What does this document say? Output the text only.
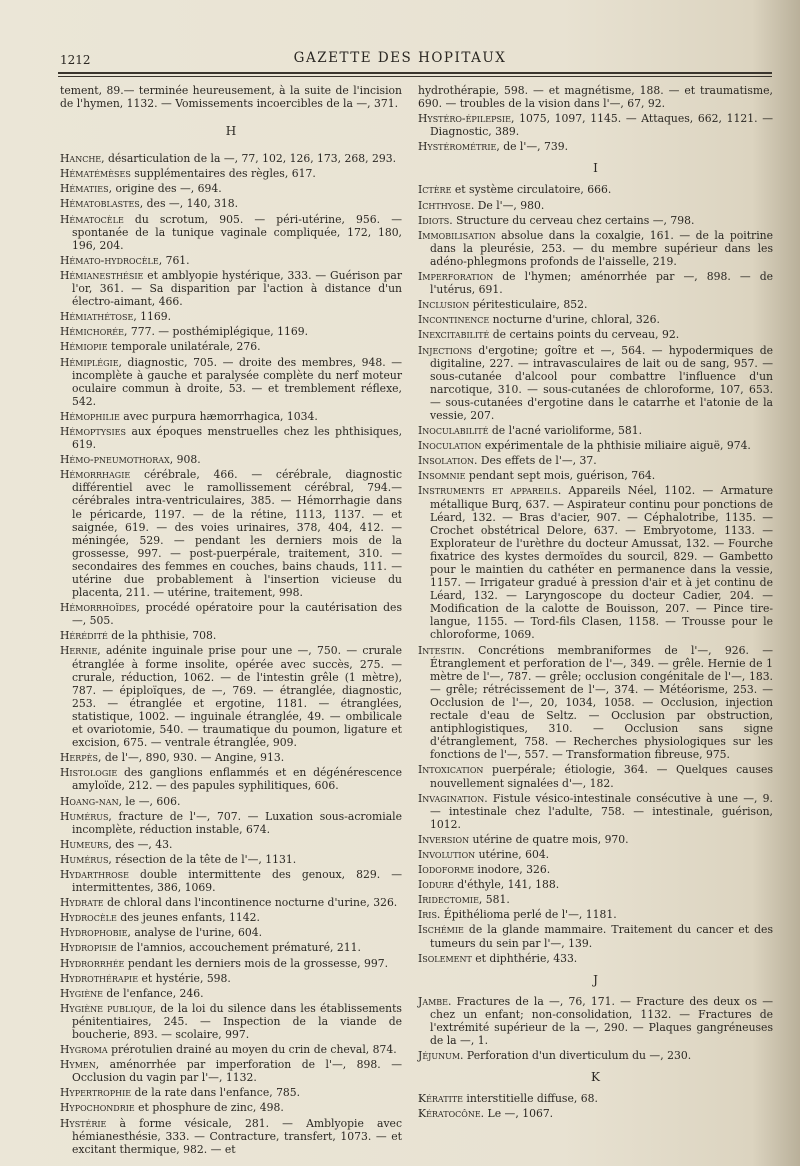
1212	GAZETTE DES HOPITAUX

tement, 89.— terminée heureusement, à la suite de l'incision de l'hymen, 1132. — Vomissements incoercibles de la —, 371.

H

Hanche, désarticulation de la —, 77, 102, 126, 173, 268, 293.

Hématémèses supplémentaires des règles, 617.

Hématies, origine des —, 694.

Hématoblastes, des —, 140, 318.

Hématocèle du scrotum, 905. — péri-utérine, 956. — spontanée de la tunique vaginale compliquée, 172, 180, 196, 204.

Hémato-hydrocèle, 761.

Hémianesthésie et amblyopie hystérique, 333. — Guérison par l'or, 361. — Sa disparition par l'action à distance d'un électro-aimant, 466.

Hémiathétose, 1169.

Hémichorée, 777. — posthémiplégique, 1169.

Hémiopie temporale unilatérale, 276.

Hémiplégie, diagnostic, 705. — droite des membres, 948. — incomplète à gauche et paralysée complète du nerf moteur oculaire commun à droite, 53. — et tremblement réflexe, 542.

Hémophilie avec purpura hæmorrhagica, 1034.

Hémoptysies aux époques menstruelles chez les phthisiques, 619.

Hémo-pneumothorax, 908.

Hémorrhagie cérébrale, 466. — cérébrale, diagnostic différentiel avec le ramollissement cérébral, 794.— cérébrales intra-ventriculaires, 385. — Hémorrhagie dans le péricarde, 1197. — de la rétine, 1113, 1137. — et saignée, 619. — des voies urinaires, 378, 404, 412. — méningée, 529. — pendant les derniers mois de la grossesse, 997. — post-puerpérale, traitement, 310. — secondaires des femmes en couches, bains chauds, 111. — utérine due probablement à l'insertion vicieuse du placenta, 211. — utérine, traitement, 998.

Hémorrhoïdes, procédé opératoire pour la cautérisation des —, 505.

Hérédité de la phthisie, 708.

Hernie, adénite inguinale prise pour une —, 750. — crurale étranglée à forme insolite, opérée avec succès, 275. — crurale, réduction, 1062. — de l'intestin grêle (1 mètre), 787. — épiploïques, de —, 769. — étranglée, diagnostic, 253. — étranglée et ergotine, 1181. — étranglées, statistique, 1002. — inguinale étranglée, 49. — ombilicale et ovariotomie, 540. — traumatique du poumon, ligature et excision, 675. — ventrale étranglée, 909.

Herpès, de l'—, 890, 930. — Angine, 913.

Histologie des ganglions enflammés et en dégénérescence amyloïde, 212. — des papules syphilitiques, 606.

Hoang-nan, le —, 606.

Humérus, fracture de l'—, 707. — Luxation sous-acromiale incomplète, réduction instable, 674.

Humeurs, des —, 43.

Humérus, résection de la tête de l'—, 1131.

Hydarthrose double intermittente des genoux, 829. — intermittentes, 386, 1069.

Hydrate de chloral dans l'incontinence nocturne d'urine, 326.

Hydrocèle des jeunes enfants, 1142.

Hydrophobie, analyse de l'urine, 604.

Hydropisie de l'amnios, accouchement prématuré, 211.

Hydrorrhée pendant les derniers mois de la grossesse, 997.

Hydrothérapie et hystérie, 598.

Hygiène de l'enfance, 246.

Hygiène publique, de la loi du silence dans les établissements pénitentiaires, 245. — Inspection de la viande de boucherie, 893. — scolaire, 997.

Hygroma prérotulien drainé au moyen du crin de cheval, 874.

Hymen, aménorrhée par imperforation de l'—, 898. — Occlusion du vagin par l'—, 1132.

Hypertrophie de la rate dans l'enfance, 785.

Hypochondrie et phosphure de zinc, 498.

Hystérie à forme vésicale, 281. — Amblyopie avec hémianesthésie, 333. — Contracture, transfert, 1073. — et excitant thermique, 982. — et

hydrothérapie, 598. — et magnétisme, 188. — et traumatisme, 690. — troubles de la vision dans l'—, 67, 92.

Hystéro-épilepsie, 1075, 1097, 1145. — Attaques, 662, 1121. — Diagnostic, 389.

Hystérométrie, de l'—, 739.

I

Ictère et système circulatoire, 666.

Ichthyose. De l'—, 980.

Idiots. Structure du cerveau chez certains —, 798.

Immobilisation absolue dans la coxalgie, 161. — de la poitrine dans la pleurésie, 253. — du membre supérieur dans les adéno-phlegmons profonds de l'aisselle, 219.

Imperforation de l'hymen; aménorrhée par —, 898. — de l'utérus, 691.

Inclusion péritesticulaire, 852.

Incontinence nocturne d'urine, chloral, 326.

Inexcitabilité de certains points du cerveau, 92.

Injections d'ergotine; goître et —, 564. — hypodermiques de digitaline, 227. — intravasculaires de lait ou de sang, 957. — sous-cutanée d'alcool pour combattre l'influence d'un narcotique, 310. — sous-cutanées de chloroforme, 107, 653. — sous-cutanées d'ergotine dans le catarrhe et l'atonie de la vessie, 207.

Inoculabilité de l'acné varioliforme, 581.

Inoculation expérimentale de la phthisie miliaire aiguë, 974.

Insolation. Des effets de l'—, 37.

Insomnie pendant sept mois, guérison, 764.

Instruments et appareils. Appareils Néel, 1102. — Armature métallique Burq, 637. — Aspirateur continu pour ponctions de Léard, 132. — Bras d'acier, 907. — Céphalotribe, 1135. — Crochet obstétrical Delore, 637. — Embryotome, 1133. — Explorateur de l'urèthre du docteur Amussat, 132. — Fourche fixatrice des kystes dermoïdes du sourcil, 829. — Gambetto pour le maintien du cathéter en permanence dans la vessie, 1157. — Irrigateur gradué à pression d'air et à jet continu de Léard, 132. — Laryngoscope du docteur Cadier, 204. — Modification de la calotte de Bouisson, 207. — Pince tire-langue, 1155. — Tord-fils Clasen, 1158. — Trousse pour le chloroforme, 1069.

Intestin. Concrétions membraniformes de l'—, 926. — Étranglement et perforation de l'—, 349. — grêle. Hernie de 1 mètre de l'—, 787. — grêle; occlusion congénitale de l'—, 183. — grêle; rétrécissement de l'—, 374. — Météorisme, 253. — Occlusion de l'—, 20, 1034, 1058. — Occlusion, injection rectale d'eau de Seltz. — Occlusion par obstruction, antiphlogistiques, 310. — Occlusion sans signe d'étranglement, 758. — Recherches physiologiques sur les fonctions de l'—, 557. — Transformation fibreuse, 975.

Intoxication puerpérale; étiologie, 364. — Quelques causes nouvellement signalées d'—, 182.

Invagination. Fistule vésico-intestinale consécutive à une —, 9. — intestinale chez l'adulte, 758. — intestinale, guérison, 1012.

Inversion utérine de quatre mois, 970.

Involution utérine, 604.

Iodoforme inodore, 326.

Iodure d'éthyle, 141, 188.

Iridectomie, 581.

Iris. Épithélioma perlé de l'—, 1181.

Ischémie de la glande mammaire. Traitement du cancer et des tumeurs du sein par l'—, 139.

Isolement et diphthérie, 433.

J

Jambe. Fractures de la —, 76, 171. — Fracture des deux os — chez un enfant; non-consolidation, 1132. — Fractures de l'extrémité supérieur de la —, 290. — Plaques gangréneuses de la —, 1.

Jéjunum. Perforation d'un diverticulum du —, 230.

K

Kératite interstitielle diffuse, 68.

Kératocône. Le —, 1067.
